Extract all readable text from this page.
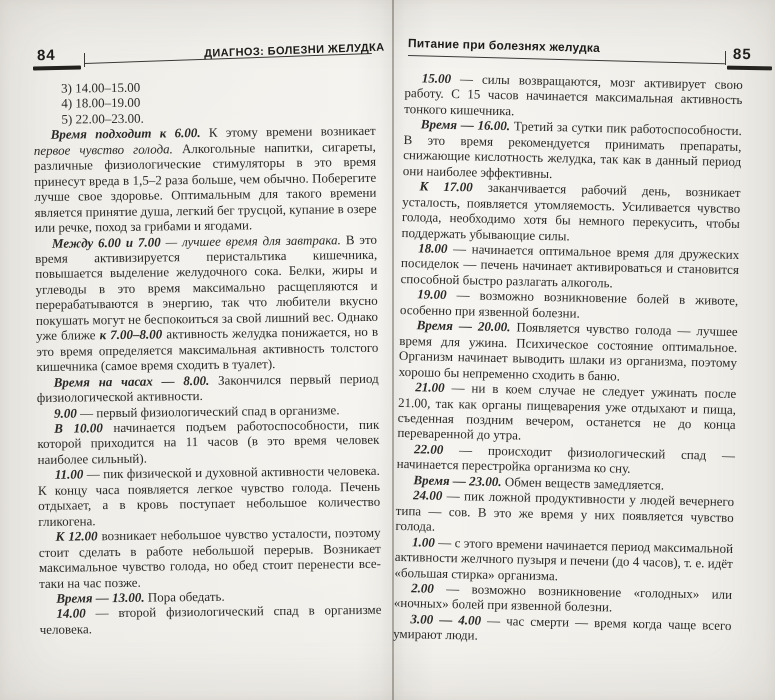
84	ДИАГНОЗ: БОЛЕЗНИ ЖЕЛУДКА

3) 14.00–15.00

4) 18.00–19.00

5) 22.00–23.00.

Время подходит к 6.00. К этому времени возникает первое чувство голода. Алкогольные напитки, сигареты, различные физиологические стимуляторы в это время принесут вреда в 1,5–2 раза больше, чем обычно. Поберегите лучше свое здоровье. Оптимальным для такого времени является принятие душа, легкий бег трусцой, купание в озере или речке, поход за грибами и ягодами.

Между 6.00 и 7.00 — лучшее время для завтрака. В это время активизируется перистальтика кишечника, повышается выделение желудочного сока. Белки, жиры и углеводы в это время максимально расщепляются и перерабатываются в энергию, так что любители вкусно покушать могут не беспокоиться за свой лишний вес. Однако уже ближе к 7.00–8.00 активность желудка понижается, но в это время определяется максимальная активность толстого кишечника (самое время сходить в туалет).

Время на часах — 8.00. Закончился первый период физиологической активности.

9.00 — первый физиологический спад в организме.

В 10.00 начинается подъем работоспособности, пик которой приходится на 11 часов (в это время человек наиболее сильный).

11.00 — пик физической и духовной активности человека. К концу часа появляется легкое чувство голода. Печень отдыхает, а в кровь поступает небольшое количество гликогена.

К 12.00 возникает небольшое чувство усталости, поэтому стоит сделать в работе небольшой перерыв. Возникает максимальное чувство голода, но обед стоит перенести все-таки на час позже.

Время — 13.00. Пора обедать.

14.00 — второй физиологический спад в организме человека.

Питание при болезнях желудка	85

15.00 — силы возвращаются, мозг активирует свою работу. С 15 часов начинается максимальная активность тонкого кишечника.

Время — 16.00. Третий за сутки пик работоспособности. В это время рекомендуется принимать препараты, снижающие кислотность желудка, так как в данный период они наиболее эффективны.

К 17.00 заканчивается рабочий день, возникает усталость, появляется утомляемость. Усиливается чувство голода, необходимо хотя бы немного перекусить, чтобы поддержать убывающие силы.

18.00 — начинается оптимальное время для дружеских посиделок — печень начинает активироваться и становится способной быстро разлагать алкоголь.

19.00 — возможно возникновение болей в животе, особенно при язвенной болезни.

Время — 20.00. Появляется чувство голода — лучшее время для ужина. Психическое состояние оптимальное. Организм начинает выводить шлаки из организма, поэтому хорошо бы непременно сходить в баню.

21.00 — ни в коем случае не следует ужинать после 21.00, так как органы пищеварения уже отдыхают и пища, съеденная поздним вечером, останется не до конца переваренной до утра.

22.00 — происходит физиологический спад — начинается перестройка организма ко сну.

Время — 23.00. Обмен веществ замедляется.

24.00 — пик ложной продуктивности у людей вечернего типа — сов. В это же время у них появляется чувство голода.

1.00 — с этого времени начинается период максимальной активности желчного пузыря и печени (до 4 часов), т. е. идёт «большая стирка» организма.

2.00 — возможно возникновение «голодных» или «ночных» болей при язвенной болезни.

3.00 — 4.00 — час смерти — время когда чаще всего умирают люди.
